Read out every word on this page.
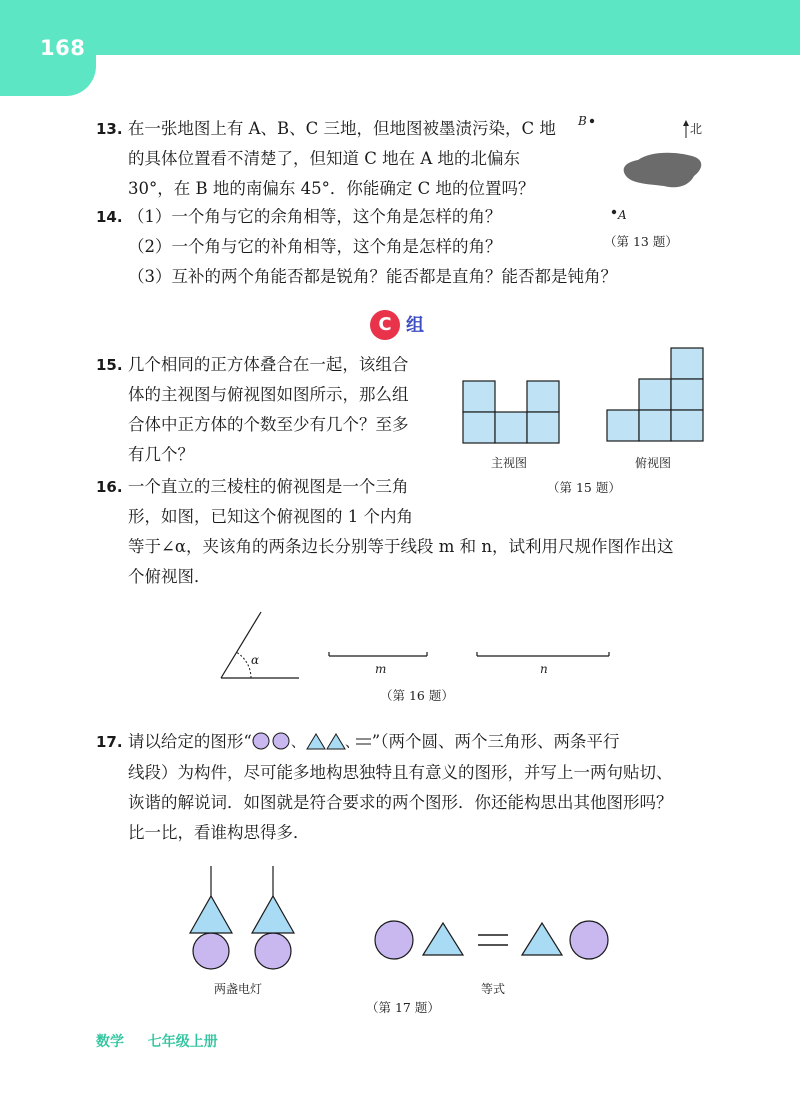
168
13. 在一张地图上有 A、B、C 三地，但地图被墨渍污染，C 地
的具体位置看不清楚了，但知道 C 地在 A 地的北偏东
30°，在 B 地的南偏东 45°．你能确定 C 地的位置吗？
B
北
A
（第 13 题）
14. （1）一个角与它的余角相等，这个角是怎样的角？
（2）一个角与它的补角相等，这个角是怎样的角？
（3）互补的两个角能否都是锐角？能否都是直角？能否都是钝角？
C 组
15. 几个相同的正方体叠合在一起，该组合
体的主视图与俯视图如图所示，那么组
合体中正方体的个数至少有几个？至多
有几个？	主视图	俯视图
（第 15 题）
16. 一个直立的三棱柱的俯视图是一个三角
形，如图，已知这个俯视图的 1 个内角
等于∠α，夹该角的两条边长分别等于线段 m 和 n，试利用尺规作图作出这
个俯视图．
α
m	n
（第 16 题）
17. 请以给定的图形“	、	、 ”（两个圆、两个三角形、两条平行
线段）为构件，尽可能多地构思独特且有意义的图形，并写上一两句贴切、
诙谐的解说词．如图就是符合要求的两个图形．你还能构思出其他图形吗？
比一比，看谁构思得多．
两盏电灯	等式
（第 17 题）
数学 七年级上册
